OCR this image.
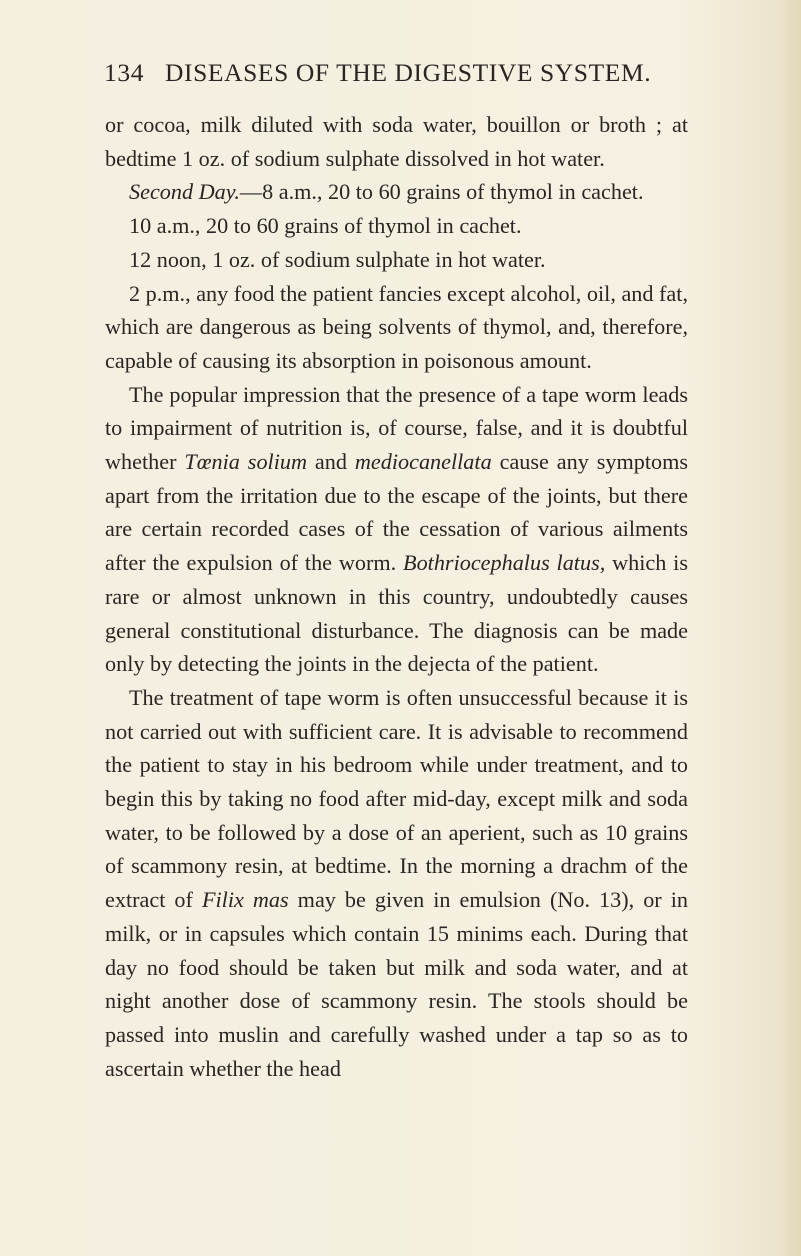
134 DISEASES OF THE DIGESTIVE SYSTEM.

or cocoa, milk diluted with soda water, bouillon or broth ; at bedtime 1 oz. of sodium sulphate dissolved in hot water.

Second Day.—8 a.m., 20 to 60 grains of thymol in cachet.

10 a.m., 20 to 60 grains of thymol in cachet.

12 noon, 1 oz. of sodium sulphate in hot water.

2 p.m., any food the patient fancies except alcohol, oil, and fat, which are dangerous as being solvents of thymol, and, therefore, capable of causing its absorption in poisonous amount.

The popular impression that the presence of a tape worm leads to impairment of nutrition is, of course, false, and it is doubtful whether Tœnia solium and mediocanellata cause any symptoms apart from the irritation due to the escape of the joints, but there are certain recorded cases of the cessation of various ailments after the expulsion of the worm. Bothriocephalus latus, which is rare or almost unknown in this country, undoubtedly causes general constitutional disturbance. The diagnosis can be made only by detecting the joints in the dejecta of the patient.

The treatment of tape worm is often unsuccessful because it is not carried out with sufficient care. It is advisable to recommend the patient to stay in his bedroom while under treatment, and to begin this by taking no food after mid-day, except milk and soda water, to be followed by a dose of an aperient, such as 10 grains of scammony resin, at bedtime. In the morning a drachm of the extract of Filix mas may be given in emulsion (No. 13), or in milk, or in capsules which contain 15 minims each. During that day no food should be taken but milk and soda water, and at night another dose of scammony resin. The stools should be passed into muslin and carefully washed under a tap so as to ascertain whether the head
